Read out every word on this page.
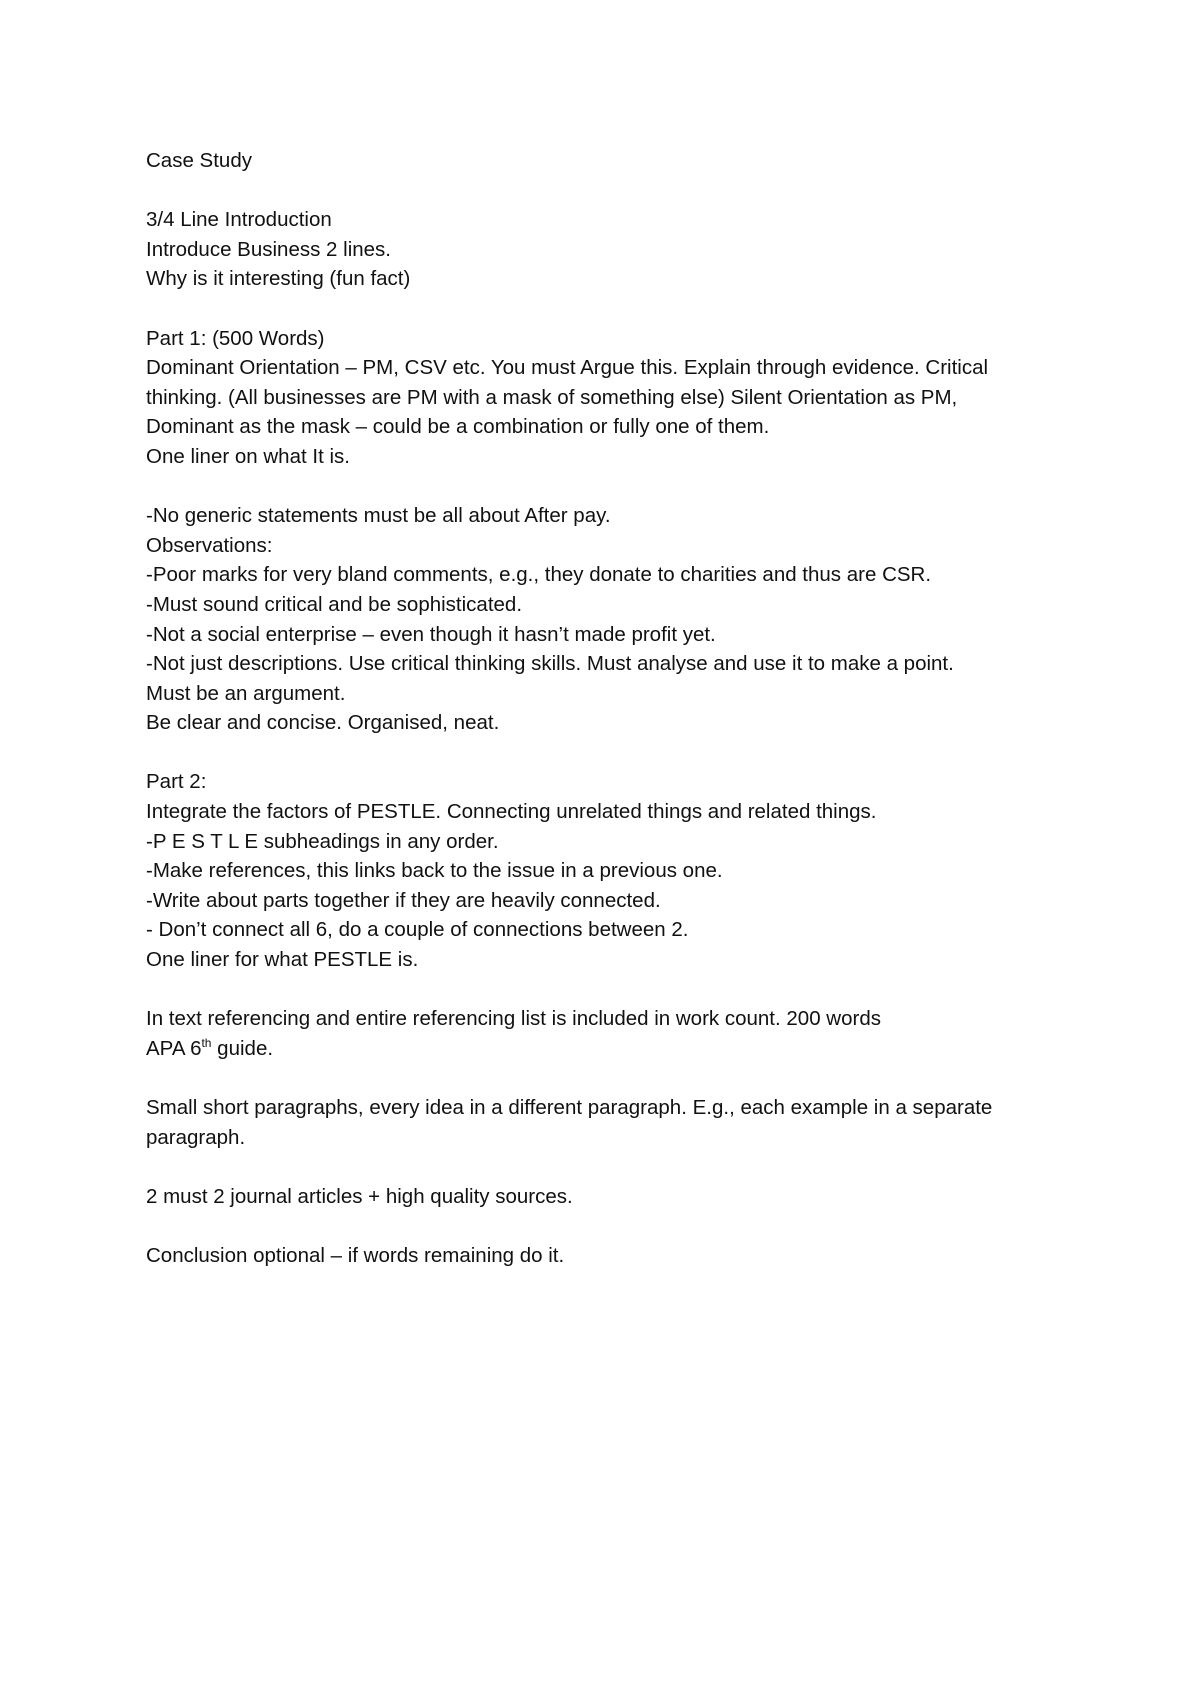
Case Study

3/4 Line Introduction

Introduce Business 2 lines.

Why is it interesting (fun fact)

Part 1: (500 Words)

Dominant Orientation – PM, CSV etc. You must Argue this. Explain through evidence. Critical

thinking. (All businesses are PM with a mask of something else) Silent Orientation as PM,

Dominant as the mask – could be a combination or fully one of them.

One liner on what It is.

-No generic statements must be all about After pay.

Observations:

-Poor marks for very bland comments, e.g., they donate to charities and thus are CSR.

-Must sound critical and be sophisticated.

-Not a social enterprise – even though it hasn’t made profit yet.

-Not just descriptions. Use critical thinking skills. Must analyse and use it to make a point.

Must be an argument.

Be clear and concise. Organised, neat.

Part 2:

Integrate the factors of PESTLE. Connecting unrelated things and related things.

-P E S T L E subheadings in any order.

-Make references, this links back to the issue in a previous one.

-Write about parts together if they are heavily connected.

- Don’t connect all 6, do a couple of connections between 2.

One liner for what PESTLE is.

In text referencing and entire referencing list is included in work count. 200 words

APA 6th guide.

Small short paragraphs, every idea in a different paragraph. E.g., each example in a separate

paragraph.

2 must 2 journal articles + high quality sources.

Conclusion optional – if words remaining do it.
